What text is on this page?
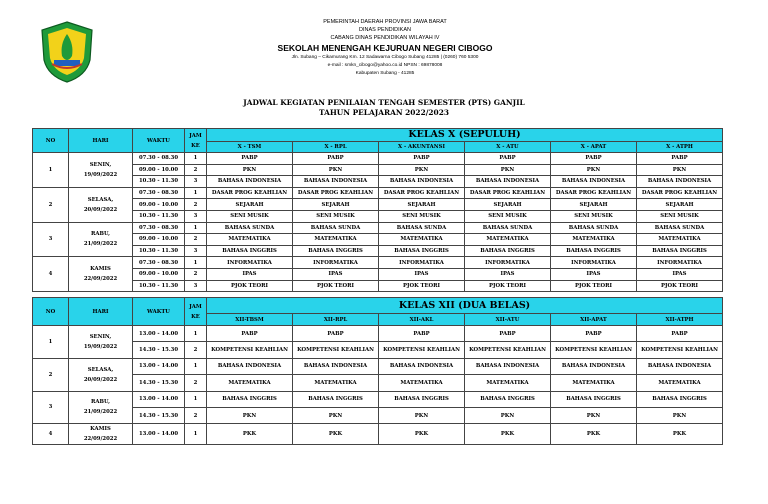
PEMERINTAH DAERAH PROVINSI JAWA BARAT
DINAS PENDIDIKAN
CABANG DINAS PENDIDIKAN WILAYAH IV
SEKOLAH MENENGAH KEJURUAN NEGERI CIBOGO
Jln. Subang – Cikamurang Km. 12 Sadawarna Cibogo Subang 41285 | (0260) 760 5300
e-mail : smkn_cibogo@yahoo.co.id NPSN : 69878008
Kabupaten Subang - 41285
JADWAL KEGIATAN PENILAIAN TENGAH SEMESTER (PTS) GANJIL
TAHUN PELAJARAN 2022/2023
NO	HARI	WAKTU	JAM KE	KELAS X (SEPULUH)					
				X - TSM	X - RPL	X - AKUNTANSI	X - ATU	X - APAT	X - ATPH
1	SENIN,
19/09/2022	07.30 - 08.30	1	PABP	PABP	PABP	PABP	PABP	PABP
		09.00 - 10.00	2	PKN	PKN	PKN	PKN	PKN	PKN
		10.30 - 11.30	3	BAHASA INDONESIA	BAHASA INDONESIA	BAHASA INDONESIA	BAHASA INDONESIA	BAHASA INDONESIA	BAHASA INDONESIA
2	SELASA,
20/09/2022	07.30 - 08.30	1	DASAR PROG KEAHLIAN	DASAR PROG KEAHLIAN	DASAR PROG KEAHLIAN	DASAR PROG KEAHLIAN	DASAR PROG KEAHLIAN	DASAR PROG KEAHLIAN
		09.00 - 10.00	2	SEJARAH	SEJARAH	SEJARAH	SEJARAH	SEJARAH	SEJARAH
		10.30 - 11.30	3	SENI MUSIK	SENI MUSIK	SENI MUSIK	SENI MUSIK	SENI MUSIK	SENI MUSIK
3	RABU,
21/09/2022	07.30 - 08.30	1	BAHASA SUNDA	BAHASA SUNDA	BAHASA SUNDA	BAHASA SUNDA	BAHASA SUNDA	BAHASA SUNDA
		09.00 - 10.00	2	MATEMATIKA	MATEMATIKA	MATEMATIKA	MATEMATIKA	MATEMATIKA	MATEMATIKA
		10.30 - 11.30	3	BAHASA INGGRIS	BAHASA INGGRIS	BAHASA INGGRIS	BAHASA INGGRIS	BAHASA INGGRIS	BAHASA INGGRIS
4	KAMIS
22/09/2022	07.30 - 08.30	1	INFORMATIKA	INFORMATIKA	INFORMATIKA	INFORMATIKA	INFORMATIKA	INFORMATIKA
		09.00 - 10.00	2	IPAS	IPAS	IPAS	IPAS	IPAS	IPAS
		10.30 - 11.30	3	PJOK TEORI	PJOK TEORI	PJOK TEORI	PJOK TEORI	PJOK TEORI	PJOK TEORI
NO	HARI	WAKTU	JAM KE	KELAS XII (DUA BELAS)					
				XII-TBSM	XII-RPL	XII-AKL	XII-ATU	XII-APAT	XII-ATPH
1	SENIN,
19/09/2022	13.00 - 14.00	1	PABP	PABP	PABP	PABP	PABP	PABP
		14.30 - 15.30	2	KOMPETENSI KEAHLIAN	KOMPETENSI KEAHLIAN	KOMPETENSI KEAHLIAN	KOMPETENSI KEAHLIAN	KOMPETENSI KEAHLIAN	KOMPETENSI KEAHLIAN
2	SELASA,
20/09/2022	13.00 - 14.00	1	BAHASA INDONESIA	BAHASA INDONESIA	BAHASA INDONESIA	BAHASA INDONESIA	BAHASA INDONESIA	BAHASA INDONESIA
		14.30 - 15.30	2	MATEMATIKA	MATEMATIKA	MATEMATIKA	MATEMATIKA	MATEMATIKA	MATEMATIKA
3	RABU,
21/09/2022	13.00 - 14.00	1	BAHASA INGGRIS	BAHASA INGGRIS	BAHASA INGGRIS	BAHASA INGGRIS	BAHASA INGGRIS	BAHASA INGGRIS
		14.30 - 15.30	2	PKN	PKN	PKN	PKN	PKN	PKN
4	KAMIS
22/09/2022	13.00 - 14.00	1	PKK	PKK	PKK	PKK	PKK	PKK
